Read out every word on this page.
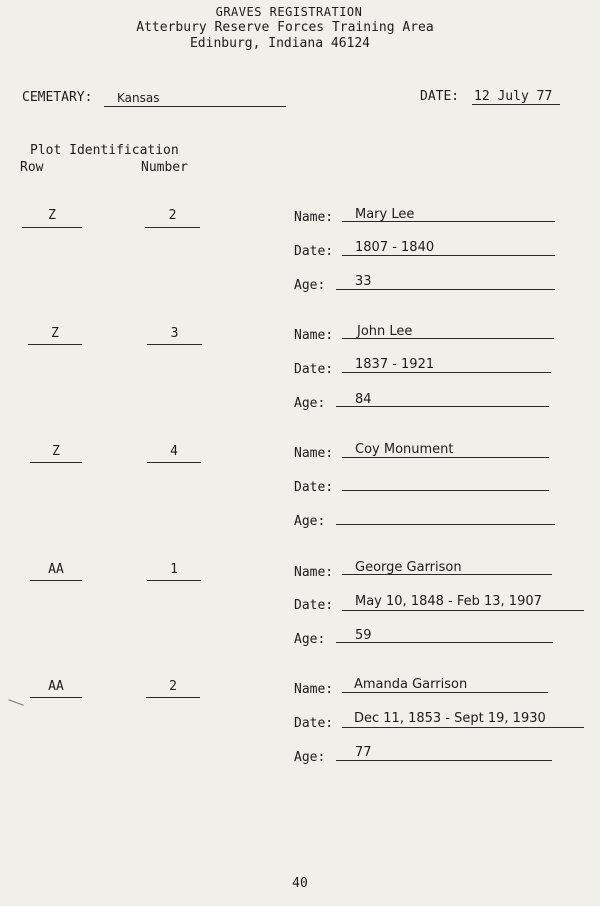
GRAVES REGISTRATION
Atterbury Reserve Forces Training Area
Edinburg, Indiana 46124
CEMETARY: Kansas	DATE: 12 July 77
Plot Identification
Row	Number
Z	2	Name: Mary Lee
Date: 1807 - 1840
Age: 33
Z	3	Name: John Lee
Date: 1837 - 1921
Age: 84
Z	4	Name: Coy Monument
Date:
Age:
AA	1	Name: George Garrison
Date: May 10, 1848 - Feb 13, 1907
Age: 59
AA	2	Name: Amanda Garrison
Date: Dec 11, 1853 - Sept 19, 1930
Age: 77
40
